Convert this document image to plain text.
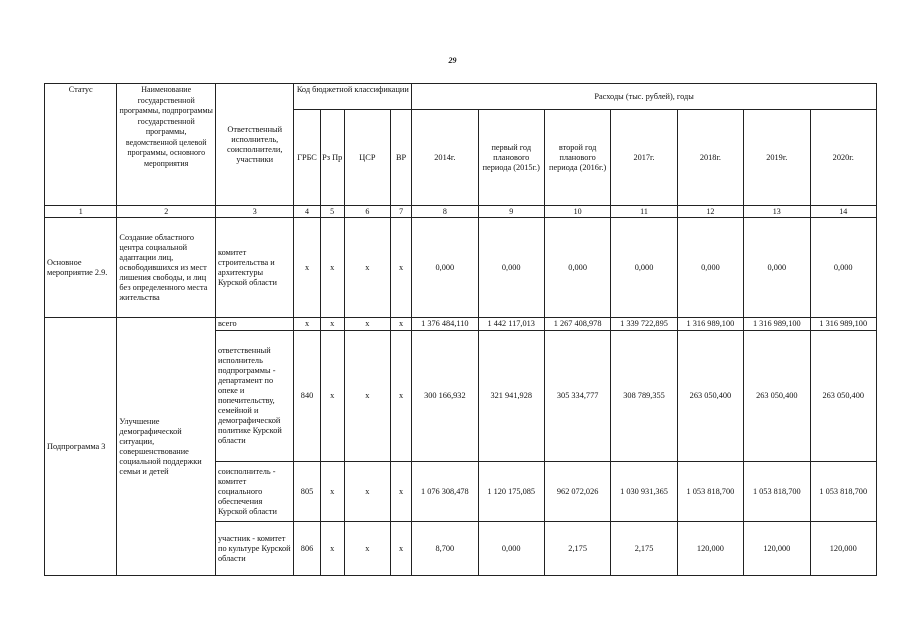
29
Статус	Наименование государственной программы, подпрограммы государственной программы, ведомственной целевой программы, основного мероприятия	Ответственный исполнитель, соисполнители, участники	Код бюджетной классификации				Расходы (тыс. рублей), годы						
			ГРБС	Рз Пр	ЦСР	ВР	2014г.	первый год планового периода (2015г.)	второй год планового периода (2016г.)	2017г.	2018г.	2019г.	2020г.
1	2	3	4	5	6	7	8	9	10	11	12	13	14
Основное мероприятие 2.9.	Создание областного центра социальной адаптации лиц, освободившихся из мест лишения свободы, и лиц без определенного места жительства	комитет строительства и архитектуры Курской области	х	х	х	х	0,000	0,000	0,000	0,000	0,000	0,000	0,000
Подпрограмма 3	Улучшение демографической ситуации, совершенствование социальной поддержки семьи и детей	всего	х	х	х	х	1 376 484,110	1 442 117,013	1 267 408,978	1 339 722,895	1 316 989,100	1 316 989,100	1 316 989,100
		ответственный исполнитель подпрограммы - департамент по опеке и попечительству, семейной и демографической политике Курской области	840	х	х	х	300 166,932	321 941,928	305 334,777	308 789,355	263 050,400	263 050,400	263 050,400
		соисполнитель - комитет социального обеспечения Курской области	805	х	х	х	1 076 308,478	1 120 175,085	962 072,026	1 030 931,365	1 053 818,700	1 053 818,700	1 053 818,700
		участник - комитет по культуре Курской области	806	х	х	х	8,700	0,000	2,175	2,175	120,000	120,000	120,000
